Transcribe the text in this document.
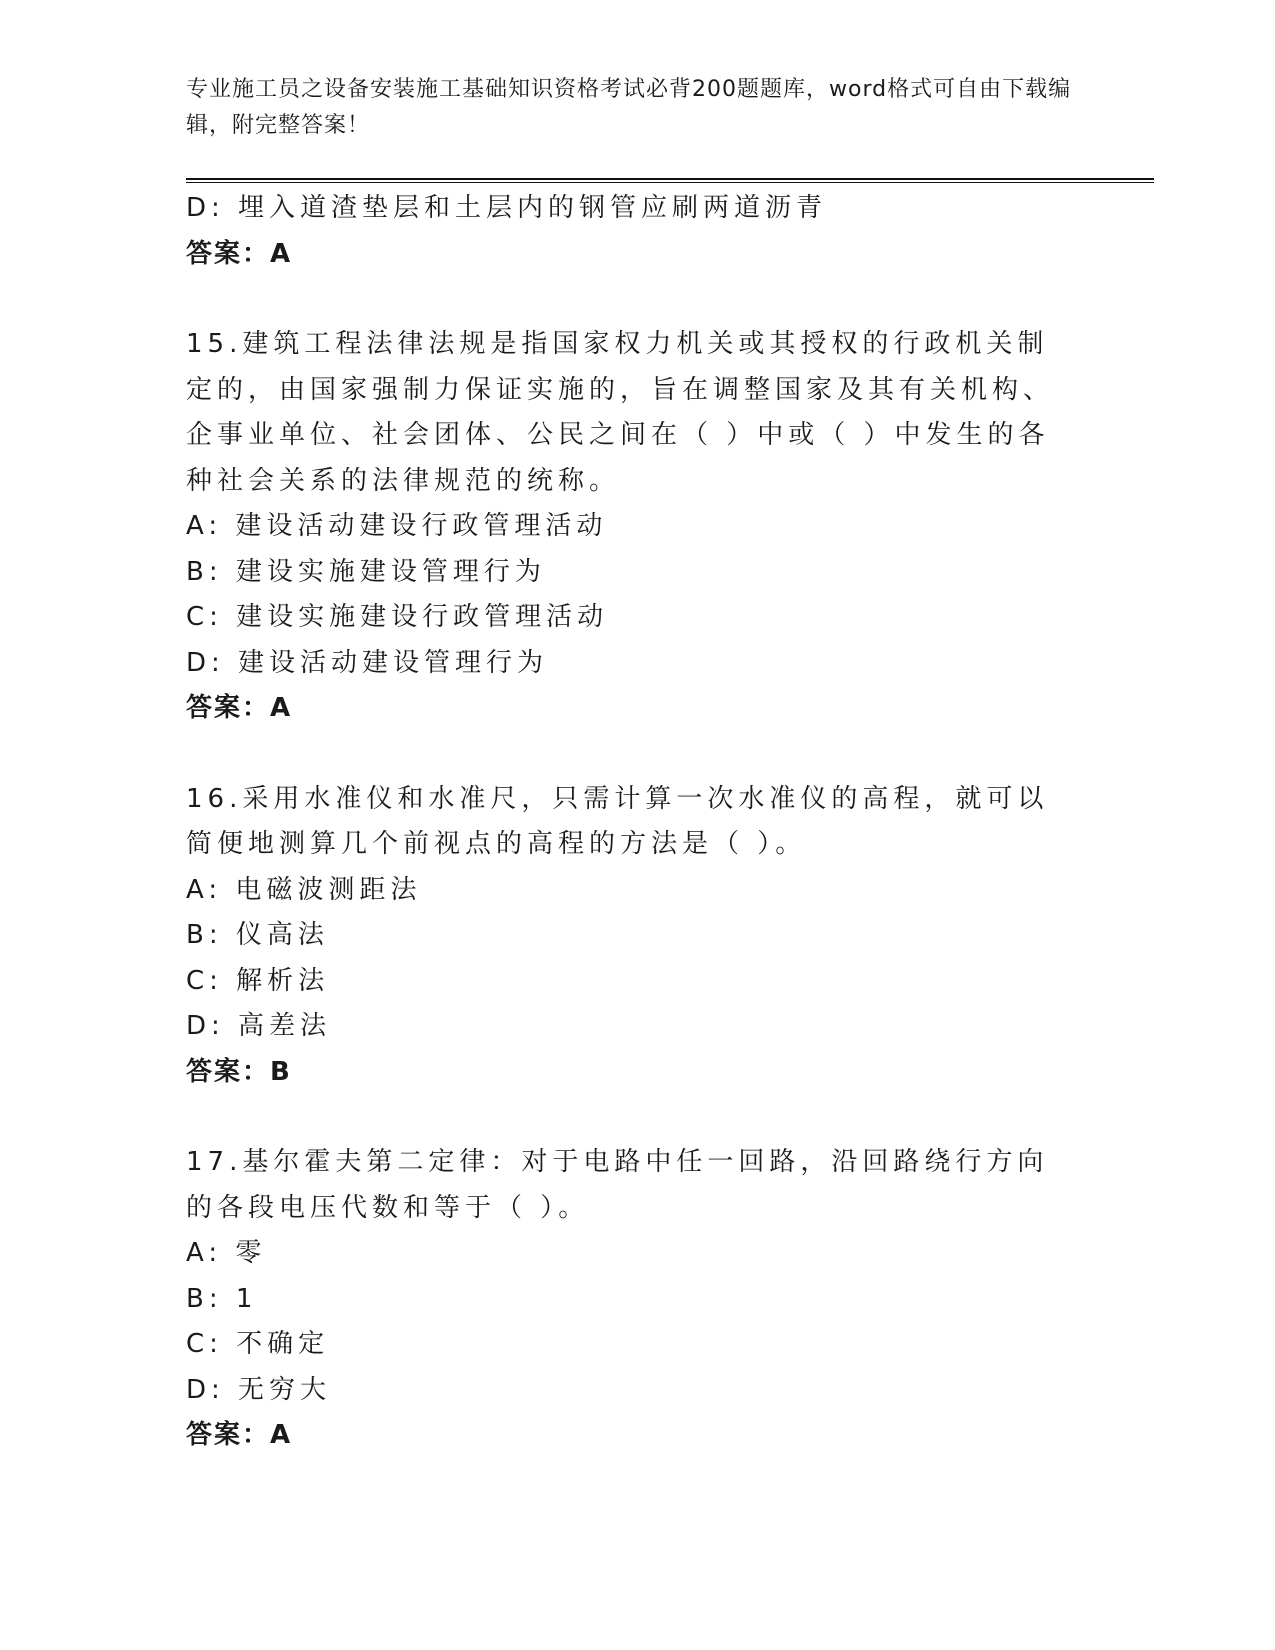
专业施工员之设备安装施工基础知识资格考试必背200题题库，word格式可自由下载编辑，附完整答案！
D: 埋入道渣垫层和土层内的钢管应刷两道沥青
答案：A
15.建筑工程法律法规是指国家权力机关或其授权的行政机关制定的，由国家强制力保证实施的，旨在调整国家及其有关机构、企事业单位、社会团体、公民之间在（ ）中或（ ）中发生的各种社会关系的法律规范的统称。
A: 建设活动建设行政管理活动
B: 建设实施建设管理行为
C: 建设实施建设行政管理活动
D: 建设活动建设管理行为
答案：A
16.采用水准仪和水准尺，只需计算一次水准仪的高程，就可以简便地测算几个前视点的高程的方法是（ ）。
A: 电磁波测距法
B: 仪高法
C: 解析法
D: 高差法
答案：B
17.基尔霍夫第二定律：对于电路中任一回路，沿回路绕行方向的各段电压代数和等于（ ）。
A: 零
B: 1
C: 不确定
D: 无穷大
答案：A
